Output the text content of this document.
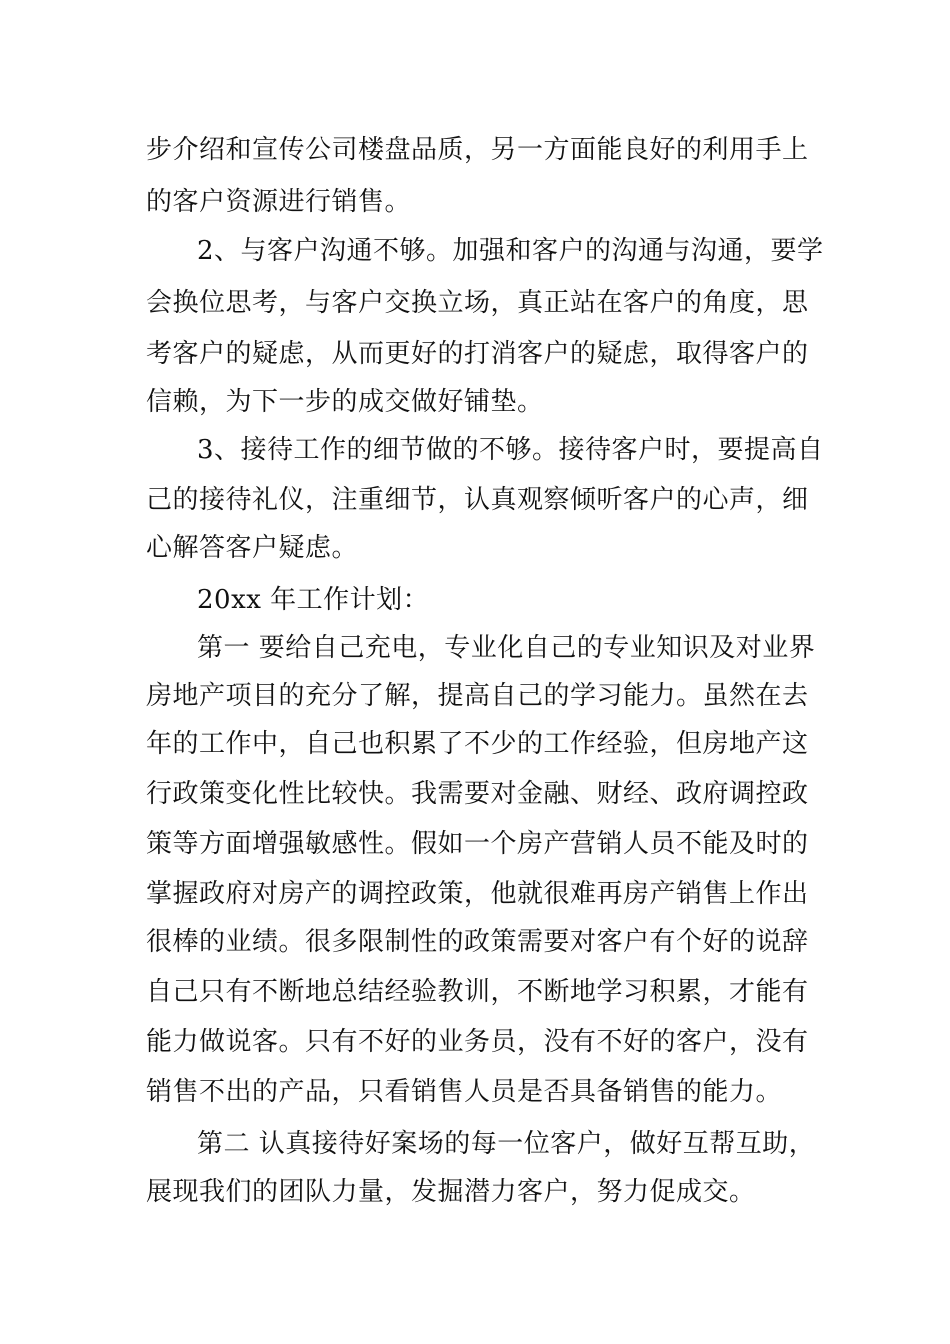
步介绍和宣传公司楼盘品质，另一方面能良好的利用手上
的客户资源进行销售。
2、与客户沟通不够。加强和客户的沟通与沟通，要学
会换位思考，与客户交换立场，真正站在客户的角度，思
考客户的疑虑，从而更好的打消客户的疑虑，取得客户的
信赖，为下一步的成交做好铺垫。
3、接待工作的细节做的不够。接待客户时，要提高自
己的接待礼仪，注重细节，认真观察倾听客户的心声，细
心解答客户疑虑。
20xx 年工作计划：
第一 要给自己充电，专业化自己的专业知识及对业界
房地产项目的充分了解，提高自己的学习能力。虽然在去
年的工作中，自己也积累了不少的工作经验，但房地产这
行政策变化性比较快。我需要对金融、财经、政府调控政
策等方面增强敏感性。假如一个房产营销人员不能及时的
掌握政府对房产的调控政策，他就很难再房产销售上作出
很棒的业绩。很多限制性的政策需要对客户有个好的说辞
自己只有不断地总结经验教训，不断地学习积累，才能有
能力做说客。只有不好的业务员，没有不好的客户，没有
销售不出的产品，只看销售人员是否具备销售的能力。
第二 认真接待好案场的每一位客户，做好互帮互助，
展现我们的团队力量，发掘潜力客户，努力促成交。
